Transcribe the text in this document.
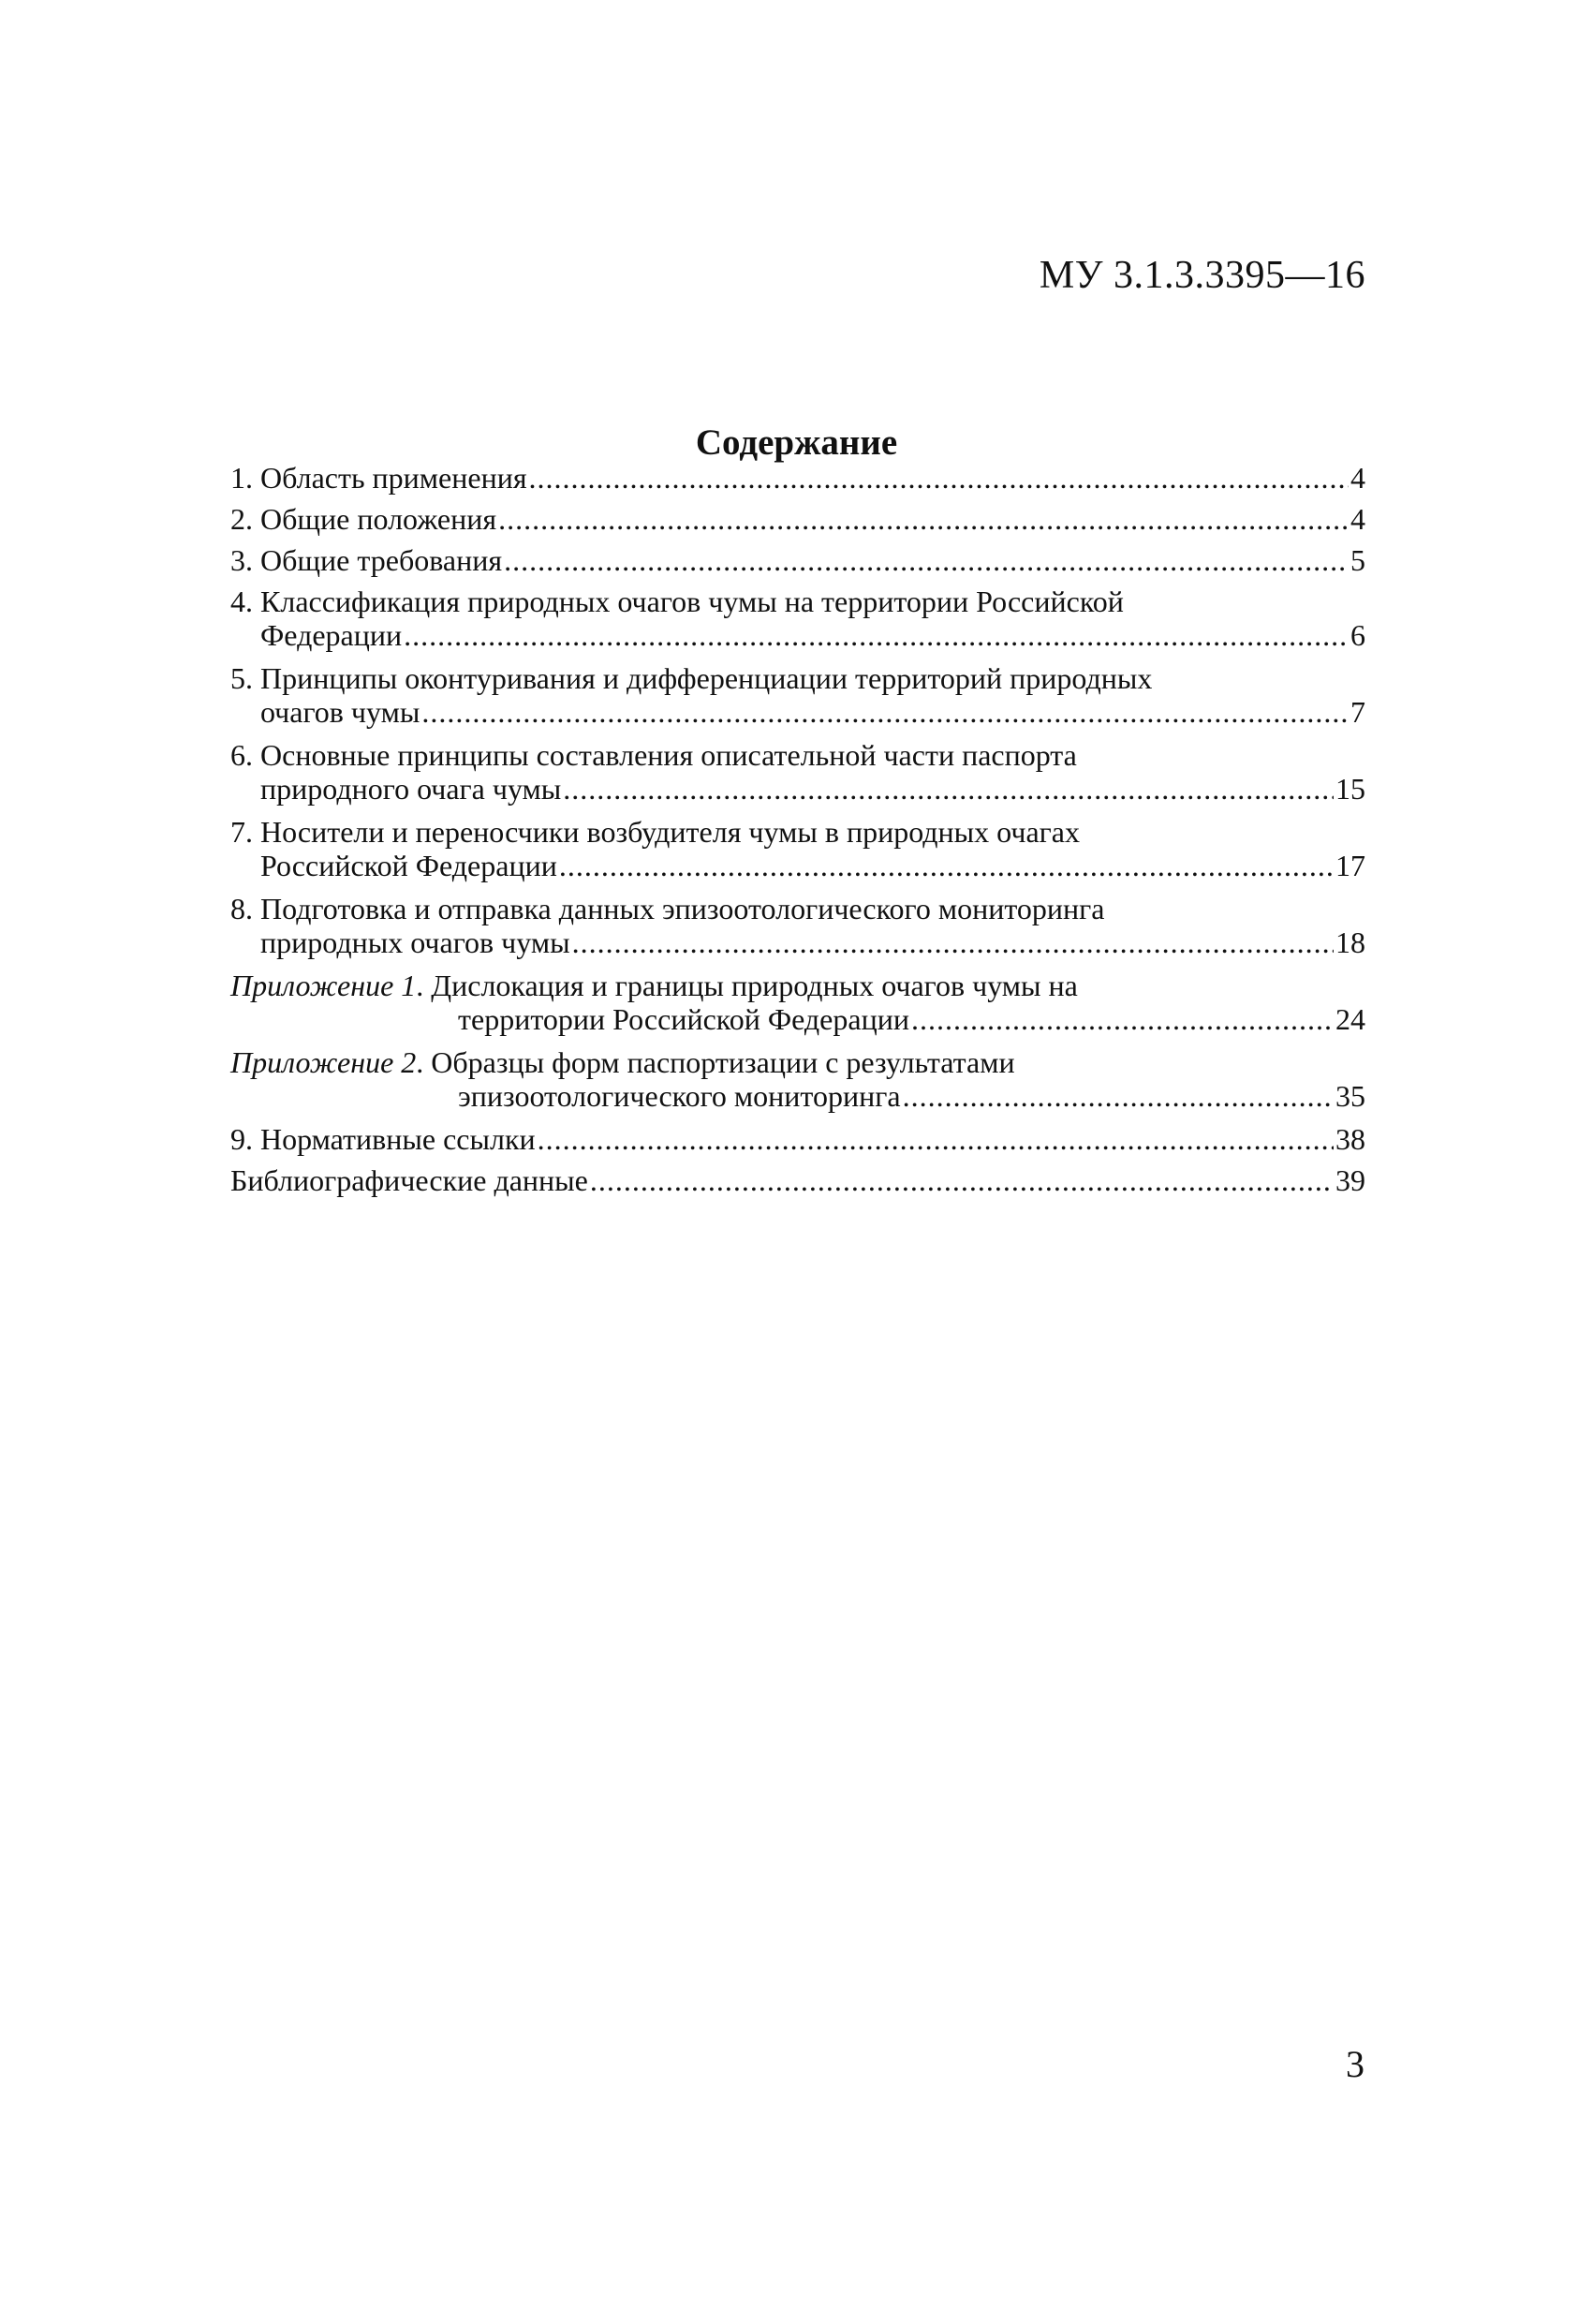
МУ 3.1.3.3395—16
Содержание
1. Область применения .....	4
2. Общие положения .....	4
3. Общие требования .....	5
4. Классификация природных очагов чумы на территории Российской
Федерации .....	6
5. Принципы оконтуривания и дифференциации территорий природных
очагов чумы .....	7
6. Основные принципы составления описательной части паспорта
природного очага чумы .....	15
7. Носители и переносчики возбудителя чумы в природных очагах
Российской Федерации .....	17
8. Подготовка и отправка данных эпизоотологического мониторинга
природных очагов чумы .....	18
Приложение 1 . Дислокация и границы природных очагов чумы на
территории Российской Федерации .....	24
Приложение 2 . Образцы форм паспортизации с результатами
эпизоотологического мониторинга .....	35
9. Нормативные ссылки .....	38
Библиографические данные .....	39
3
